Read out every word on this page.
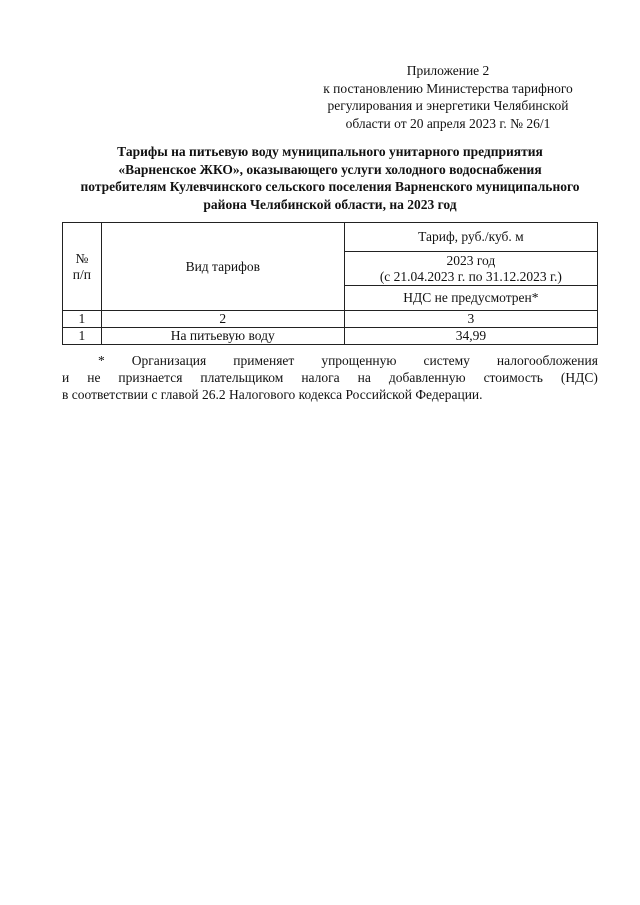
Приложение 2
к постановлению Министерства тарифного
регулирования и энергетики Челябинской
области от 20 апреля 2023 г. № 26/1
Тарифы на питьевую воду муниципального унитарного предприятия
«Варненское ЖКО», оказывающего услуги холодного водоснабжения
потребителям Кулевчинского сельского поселения Варненского муниципального
района Челябинской области, на 2023 год
№
п/п	Вид тарифов	Тариф, руб./куб. м
		2023 год
(с 21.04.2023 г. по 31.12.2023 г.)
		НДС не предусмотрен*
1	2	3
1	На питьевую воду	34,99
* Организация применяет упрощенную систему налогообложения
и не признается плательщиком налога на добавленную стоимость (НДС)
в соответствии с главой 26.2 Налогового кодекса Российской Федерации.
